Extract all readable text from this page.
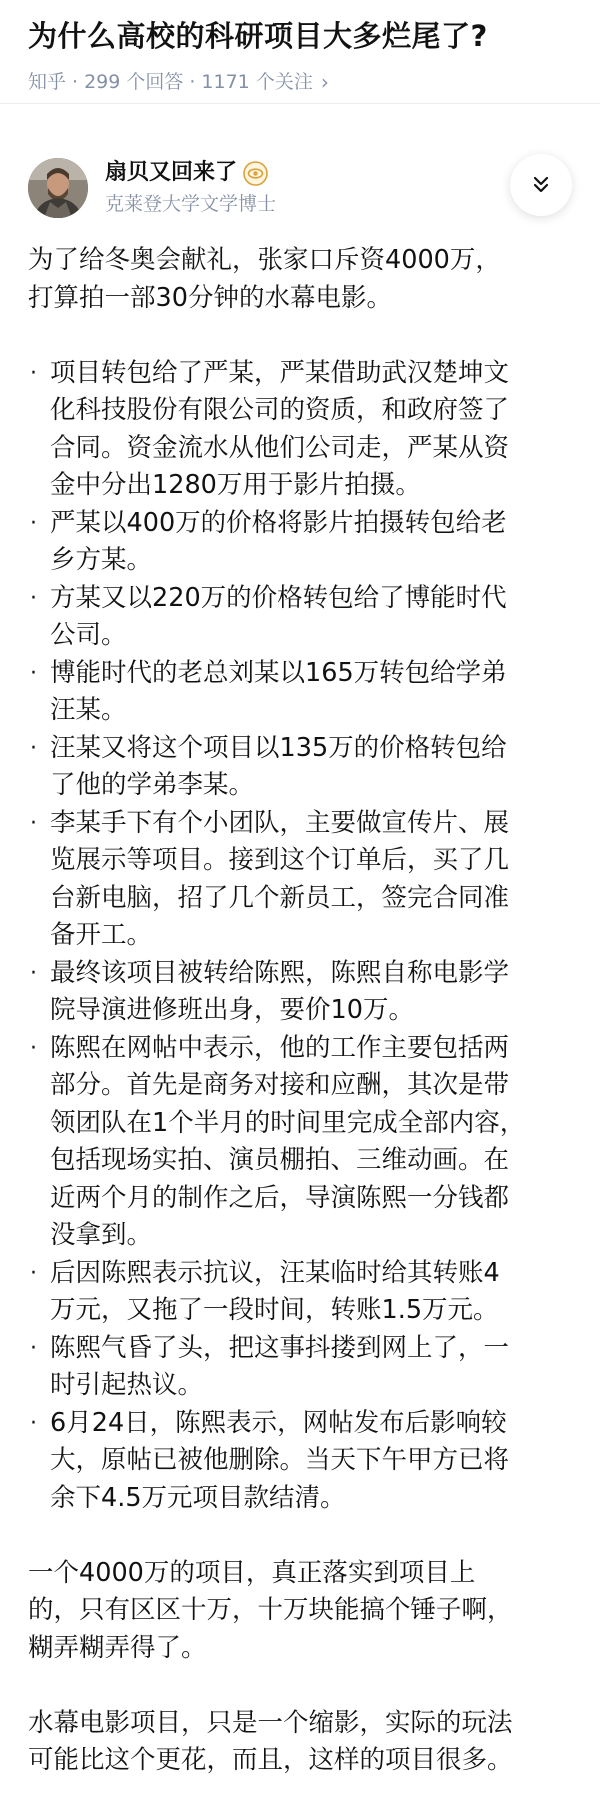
为什么高校的科研项目大多烂尾了?
知乎 · 299 个回答 · 1171 个关注 ›
扇贝又回来了
克莱登大学文学博士

为了给冬奥会献礼，张家口斥资4000万，
打算拍一部30分钟的水幕电影。

· 项目转包给了严某，严某借助武汉楚坤文
化科技股份有限公司的资质，和政府签了
合同。资金流水从他们公司走，严某从资
金中分出1280万用于影片拍摄。
· 严某以400万的价格将影片拍摄转包给老
乡方某。
· 方某又以220万的价格转包给了博能时代
公司。
· 博能时代的老总刘某以165万转包给学弟
汪某。
· 汪某又将这个项目以135万的价格转包给
了他的学弟李某。
· 李某手下有个小团队，主要做宣传片、展
览展示等项目。接到这个订单后，买了几
台新电脑，招了几个新员工，签完合同准
备开工。
· 最终该项目被转给陈熙，陈熙自称电影学
院导演进修班出身，要价10万。
· 陈熙在网帖中表示，他的工作主要包括两
部分。首先是商务对接和应酬，其次是带
领团队在1个半月的时间里完成全部内容，
包括现场实拍、演员棚拍、三维动画。在
近两个月的制作之后，导演陈熙一分钱都
没拿到。
· 后因陈熙表示抗议，汪某临时给其转账4
万元，又拖了一段时间，转账1.5万元。
· 陈熙气昏了头，把这事抖搂到网上了，一
时引起热议。
· 6月24日，陈熙表示，网帖发布后影响较
大，原帖已被他删除。当天下午甲方已将
余下4.5万元项目款结清。

一个4000万的项目，真正落实到项目上
的，只有区区十万，十万块能搞个锤子啊，
糊弄糊弄得了。

水幕电影项目，只是一个缩影，实际的玩法
可能比这个更花，而且，这样的项目很多。
